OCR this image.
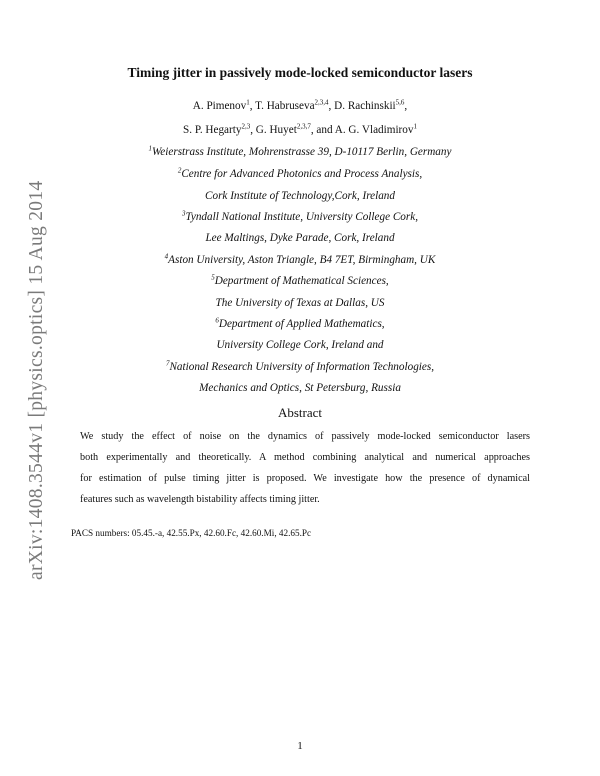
arXiv:1408.3544v1 [physics.optics] 15 Aug 2014
Timing jitter in passively mode-locked semiconductor lasers
A. Pimenov$^1$, T. Habruseva$^{2,3,4}$, D. Rachinskii$^{5,6}$,
S. P. Hegarty$^{2,3}$, G. Huyet$^{2,3,7}$, and A. G. Vladimirov$^1$
$^1$Weierstrass Institute, Mohrenstrasse 39, D-10117 Berlin, Germany
$^2$Centre for Advanced Photonics and Process Analysis,
Cork Institute of Technology,Cork, Ireland
$^3$Tyndall National Institute, University College Cork,
Lee Maltings, Dyke Parade, Cork, Ireland
$^4$Aston University, Aston Triangle, B4 7ET, Birmingham, UK
$^5$Department of Mathematical Sciences,
The University of Texas at Dallas, US
$^6$Department of Applied Mathematics,
University College Cork, Ireland and
$^7$National Research University of Information Technologies,
Mechanics and Optics, St Petersburg, Russia
Abstract
We study the effect of noise on the dynamics of passively mode-locked semiconductor lasers
both experimentally and theoretically. A method combining analytical and numerical approaches
for estimation of pulse timing jitter is proposed. We investigate how the presence of dynamical
features such as wavelength bistability affects timing jitter.
PACS numbers: 05.45.-a, 42.55.Px, 42.60.Fc, 42.60.Mi, 42.65.Pc
1
